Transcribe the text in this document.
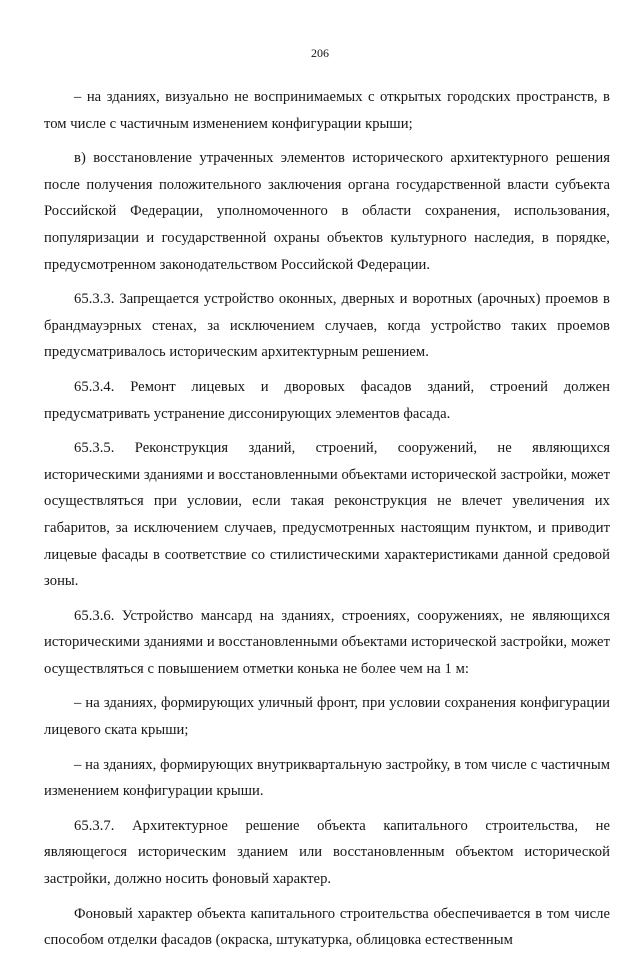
206

– на зданиях, визуально не воспринимаемых с открытых городских пространств, в том числе с частичным изменением конфигурации крыши;

в) восстановление утраченных элементов исторического архитектурного решения после получения положительного заключения органа государственной власти субъекта Российской Федерации, уполномоченного в области сохранения, использования, популяризации и государственной охраны объектов культурного наследия, в порядке, предусмотренном законодательством Российской Федерации.

65.3.3. Запрещается устройство оконных, дверных и воротных (арочных) проемов в брандмауэрных стенах, за исключением случаев, когда устройство таких проемов предусматривалось историческим архитектурным решением.

65.3.4. Ремонт лицевых и дворовых фасадов зданий, строений должен предусматривать устранение диссонирующих элементов фасада.

65.3.5. Реконструкция зданий, строений, сооружений, не являющихся историческими зданиями и восстановленными объектами исторической застройки, может осуществляться при условии, если такая реконструкция не влечет увеличения их габаритов, за исключением случаев, предусмотренных настоящим пунктом, и приводит лицевые фасады в соответствие со стилистическими характеристиками данной средовой зоны.

65.3.6. Устройство мансард на зданиях, строениях, сооружениях, не являющихся историческими зданиями и восстановленными объектами исторической застройки, может осуществляться с повышением отметки конька не более чем на 1 м:

– на зданиях, формирующих уличный фронт, при условии сохранения конфигурации лицевого ската крыши;

– на зданиях, формирующих внутриквартальную застройку, в том числе с частичным изменением конфигурации крыши.

65.3.7. Архитектурное решение объекта капитального строительства, не являющегося историческим зданием или восстановленным объектом исторической застройки, должно носить фоновый характер.

Фоновый характер объекта капитального строительства обеспечивается в том числе способом отделки фасадов (окраска, штукатурка, облицовка естественным
